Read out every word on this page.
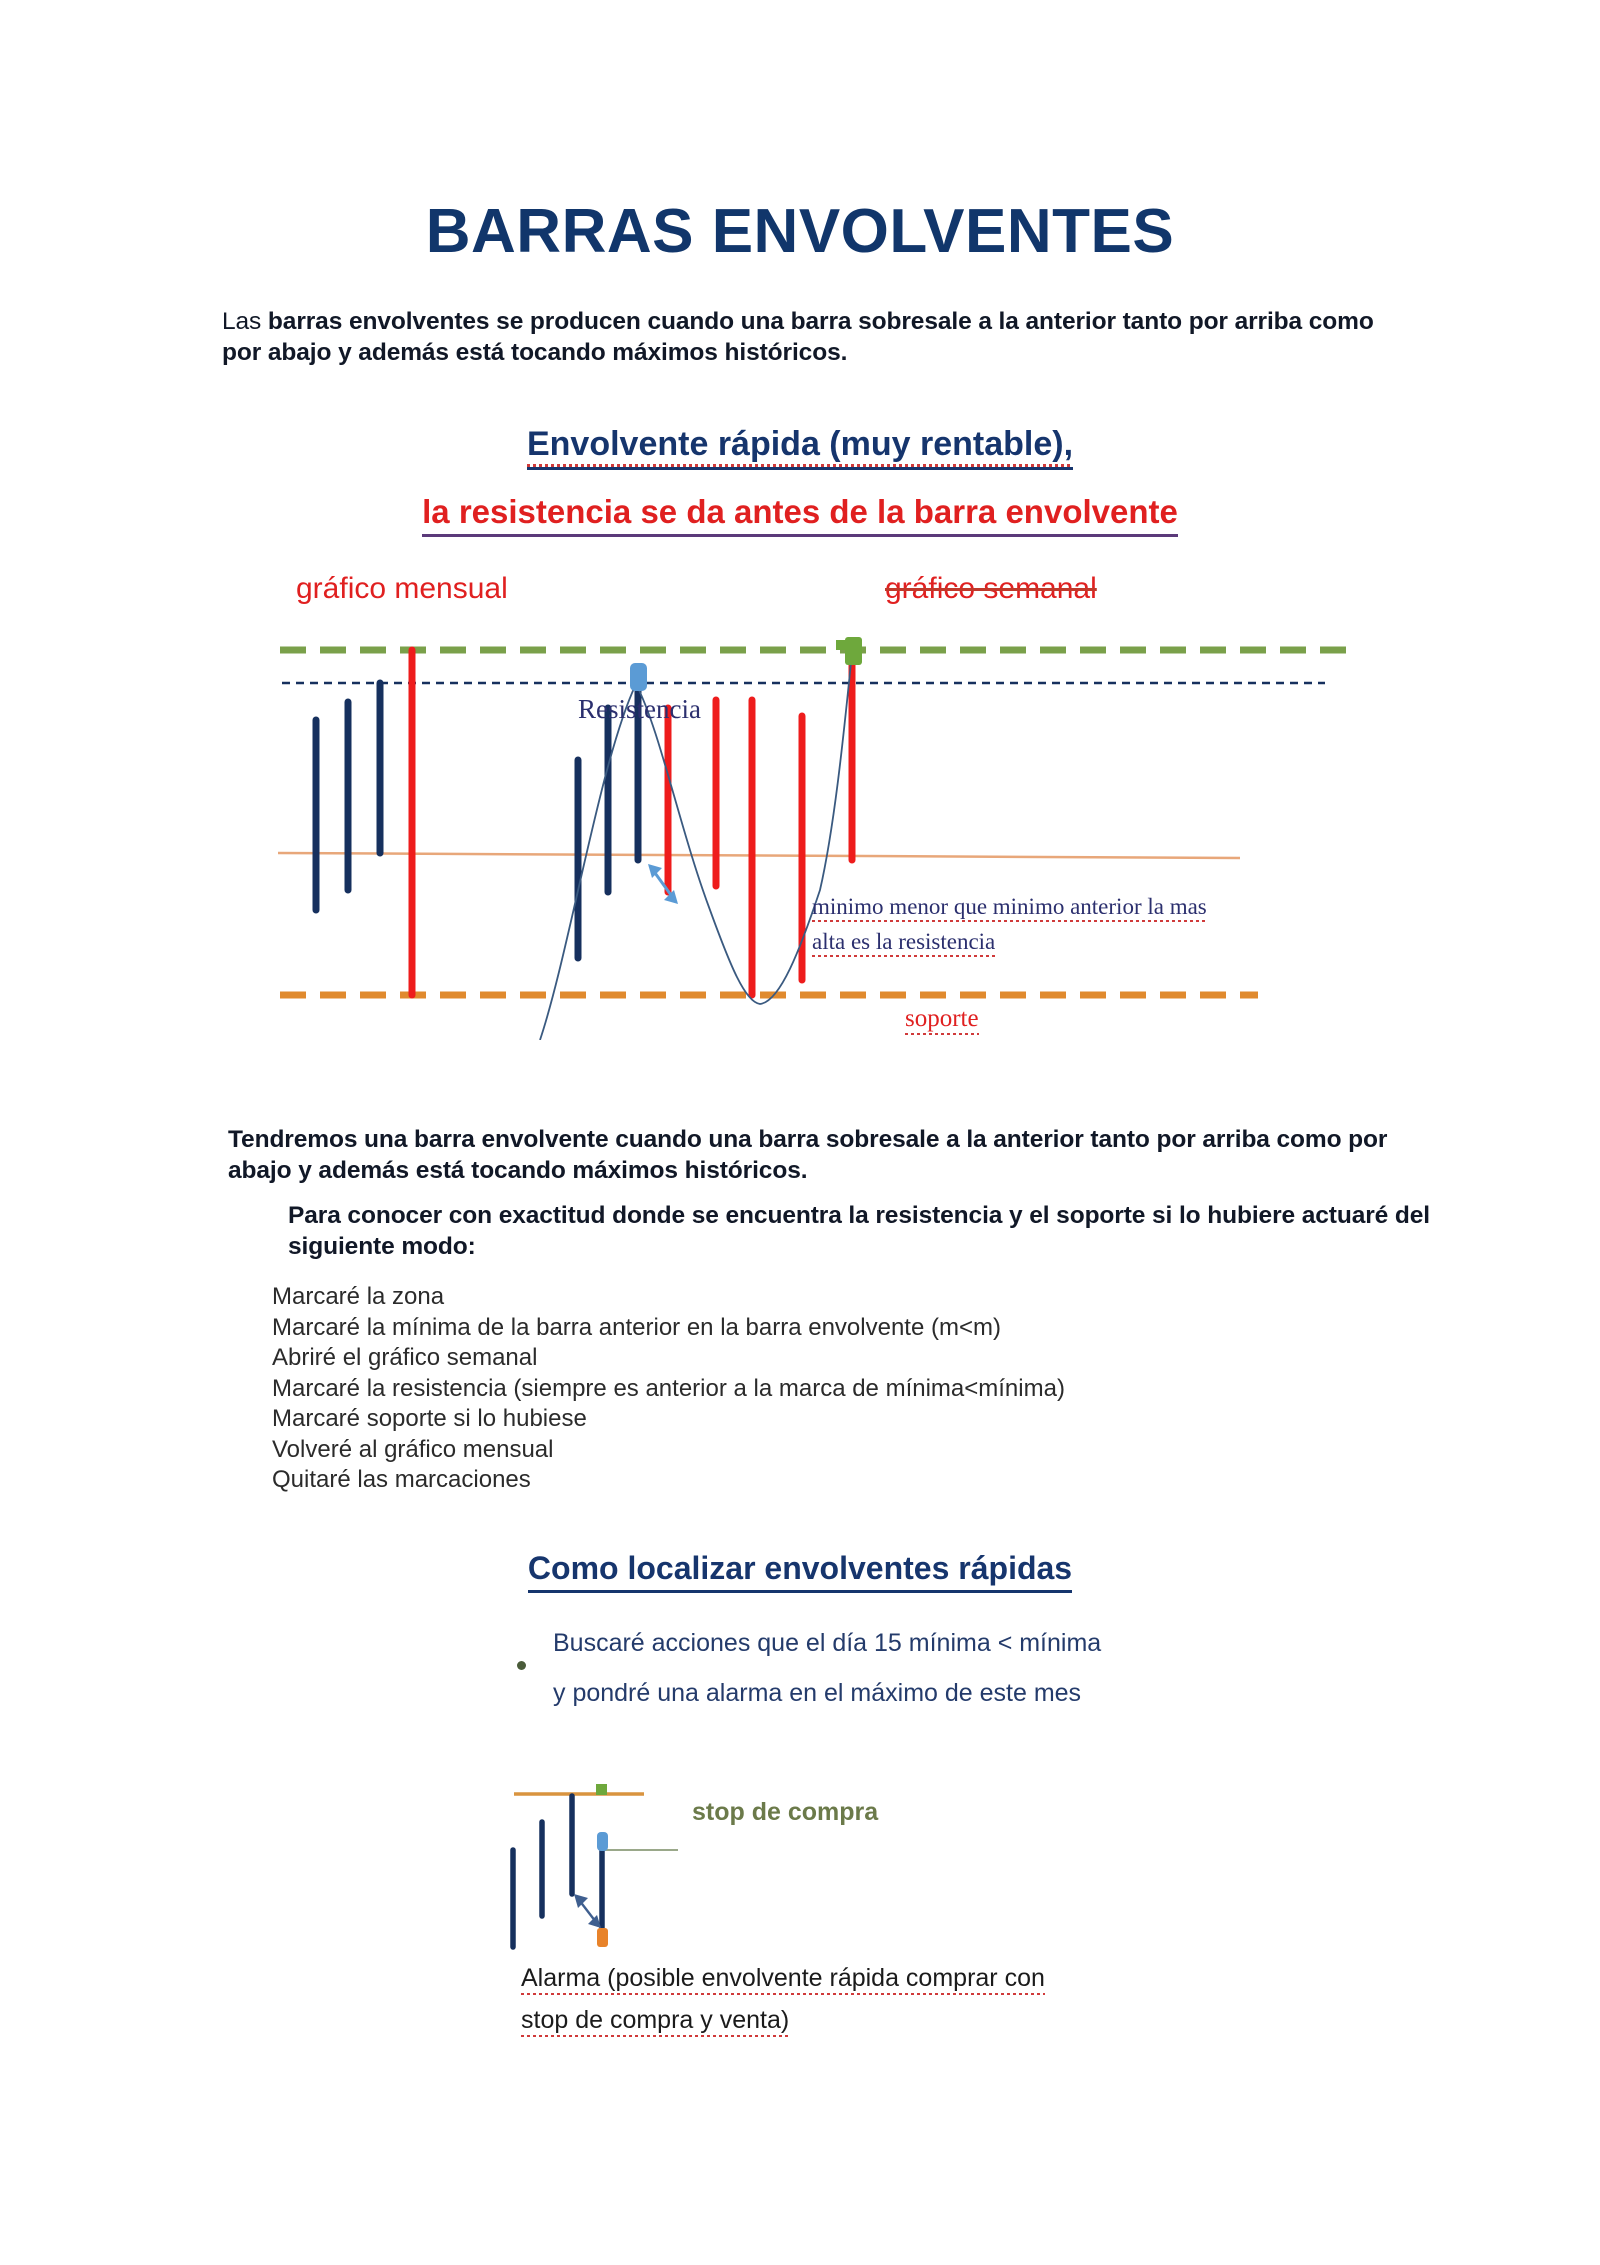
BARRAS ENVOLVENTES
Las barras envolventes se producen cuando una barra sobresale a la anterior tanto por arriba como por abajo y además está tocando máximos históricos.
Envolvente rápida (muy rentable),
la resistencia se da antes de la barra envolvente
gráfico mensual	gráfico semanal
Resistencia
minimo menor que minimo anterior la mas
alta es la resistencia
soporte
Tendremos una barra envolvente cuando una barra sobresale a la anterior tanto por arriba como por abajo y además está tocando máximos históricos.
Para conocer con exactitud donde se encuentra la resistencia y el soporte si lo hubiere actuaré del siguiente modo:
Marcaré la zona
Marcaré la mínima de la barra anterior en la barra envolvente (m<m)
Abriré el gráfico semanal
Marcaré la resistencia (siempre es anterior a la marca de mínima<mínima)
Marcaré soporte si lo hubiese
Volveré al gráfico mensual
Quitaré las marcaciones
Como localizar envolventes rápidas
Buscaré acciones que el día 15 mínima < mínima
y pondré una alarma en el máximo de este mes
stop de compra
Alarma (posible envolvente rápida comprar con
stop de compra y venta)
